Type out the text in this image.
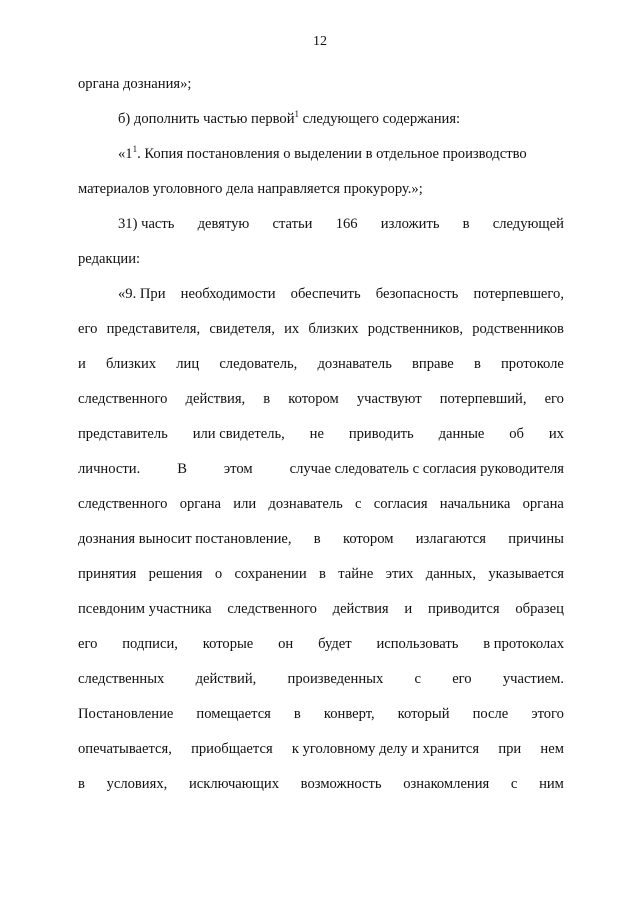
12
органа дознания»;
б) дополнить частью первой$^1$ следующего содержания:
«$1^1$. Копия постановления о выделении в отдельное производство
материалов уголовного дела направляется прокурору.»;
31) часть девятую статьи 166 изложить в следующей
редакции:
«9. При необходимости обеспечить безопасность потерпевшего,
его представителя, свидетеля, их близких родственников, родственников
и близких лиц следователь, дознаватель вправе в протоколе
следственного действия, в котором участвуют потерпевший, его
представитель или свидетель, не приводить данные об их
личности.	В	этом	случае следователь с согласия руководителя
следственного органа или дознаватель с согласия начальника органа
дознания выносит постановление, в котором излагаются причины
принятия решения о сохранении в тайне этих данных, указывается
псевдоним участника следственного действия и приводится образец
его подписи, которые он будет использовать в протоколах
следственных действий, произведенных с его участием.
Постановление помещается в конверт, который после этого
опечатывается, приобщается к уголовному делу и хранится при нем
в условиях, исключающих возможность ознакомления с ним
